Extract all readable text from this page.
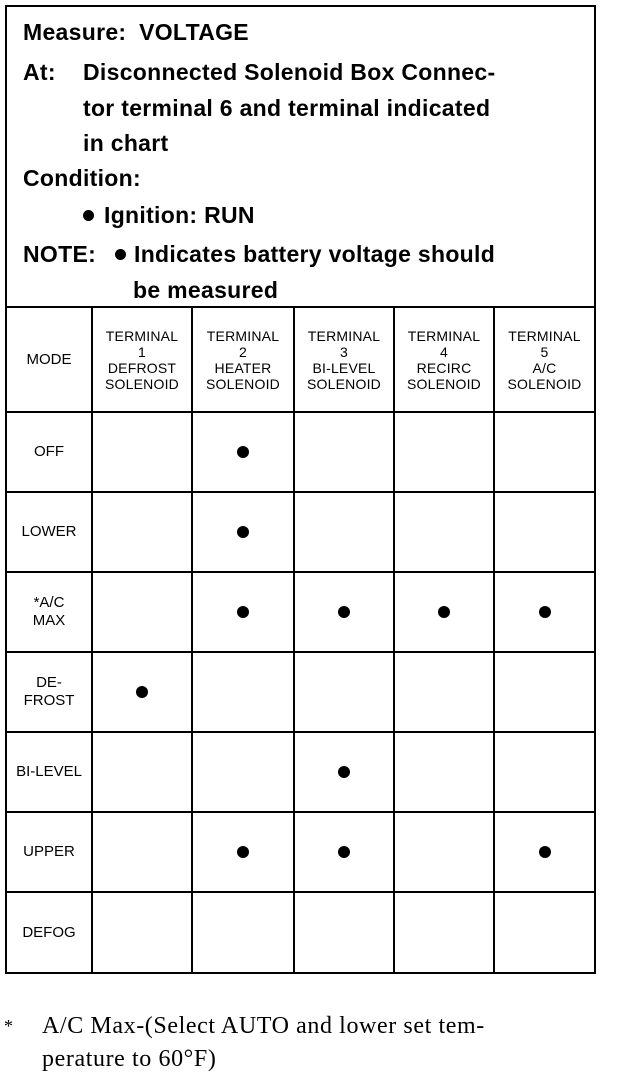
Measure: VOLTAGE
At: Disconnected Solenoid Box Connec-
tor terminal 6 and terminal indicated
in chart
Condition:
Ignition: RUN
NOTE: Indicates battery voltage should
be measured
MODE
TERMINAL
1
DEFROST
SOLENOID
TERMINAL
2
HEATER
SOLENOID
TERMINAL
3
BI-LEVEL
SOLENOID
TERMINAL
4
RECIRC
SOLENOID
TERMINAL
5
A/C
SOLENOID
OFF
LOWER
*A/C
MAX
DE-
FROST
BI-LEVEL
UPPER
DEFOG
* A/C Max-(Select AUTO and lower set tem-
perature to 60°F)
